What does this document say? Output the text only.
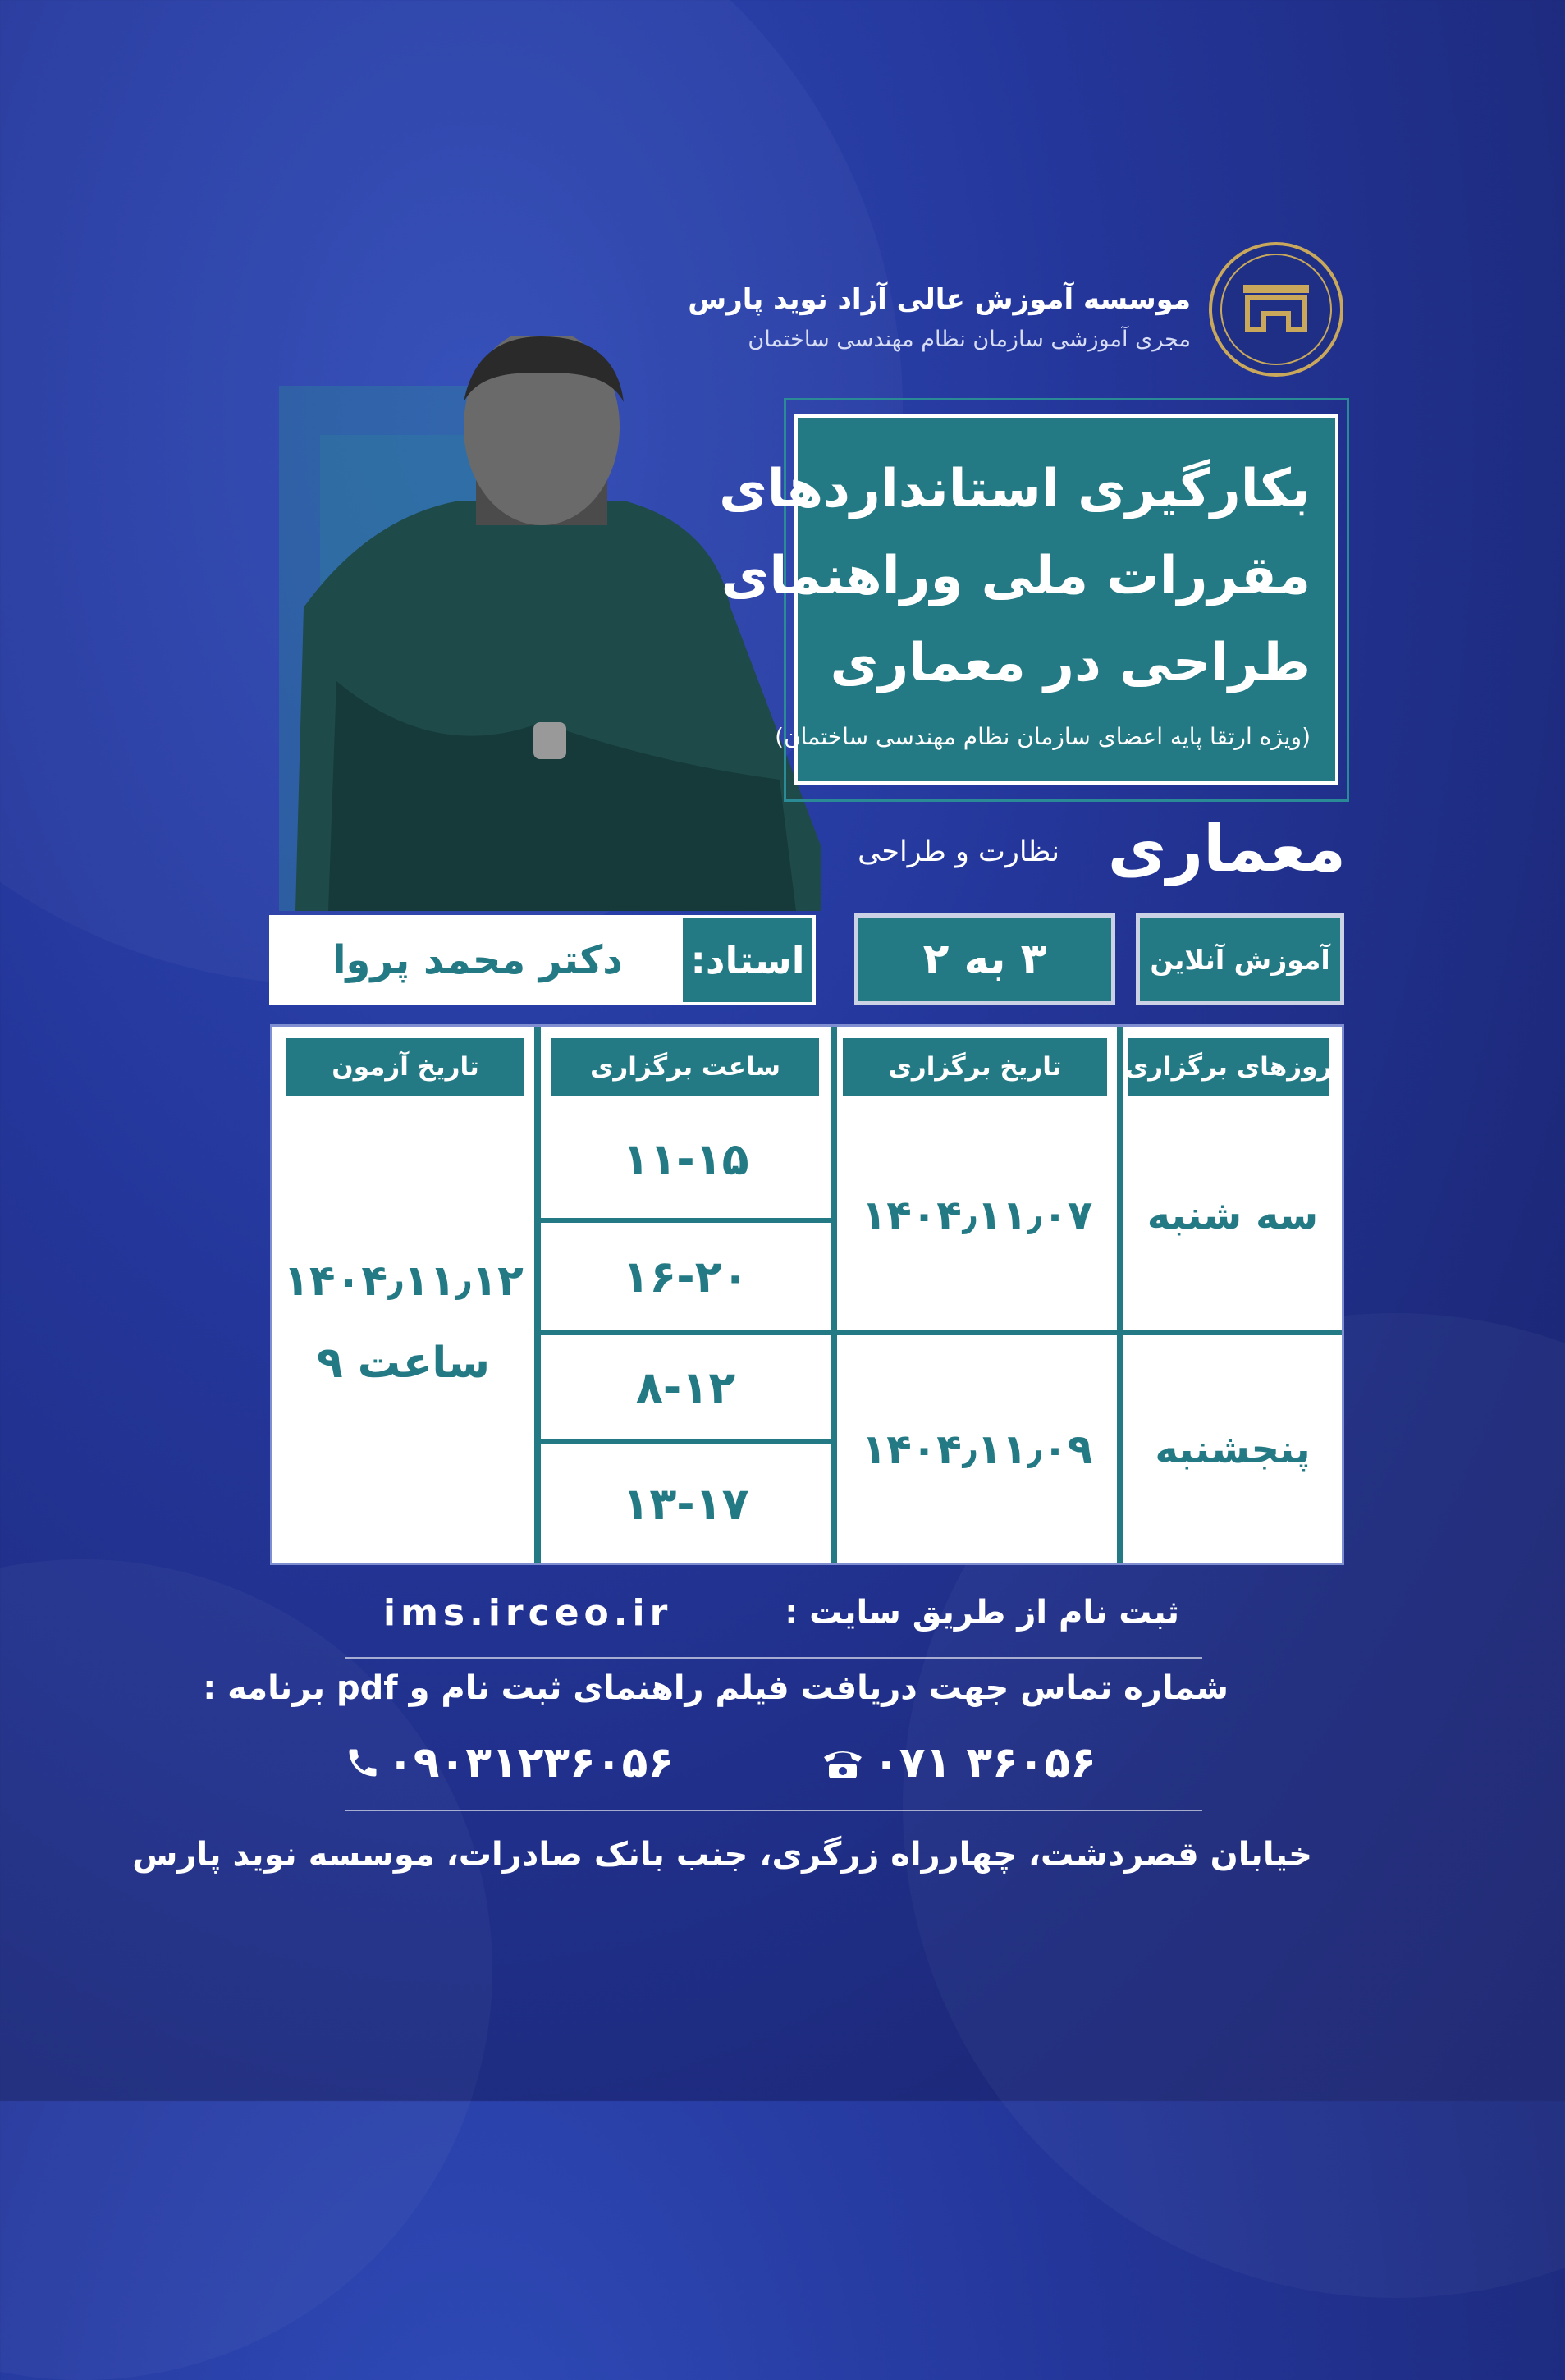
موسسه آموزش عالی آزاد نوید پارس
مجری آموزشی سازمان نظام مهندسی ساختمان
بکارگیری استانداردهای
مقررات ملی وراهنمای
طراحی در معماری
(ویژه ارتقا پایه اعضای سازمان نظام مهندسی ساختمان)
معماری
نظارت و طراحی
آموزش آنلاین
۳ به ۲
دکتر محمد پروا	استاد:
روزهای برگزاری
تاریخ برگزاری
ساعت برگزاری
تاریخ آزمون
سه شنبه
۱۴۰۴٫۱۱٫۰۷
۱۱-۱۵
۱۶-۲۰
پنجشنبه
۱۴۰۴٫۱۱٫۰۹
۸-۱۲
۱۳-۱۷
۱۴۰۴٫۱۱٫۱۲
ساعت ۹
ثبت نام از طریق سایت :
ims.irceo.ir
شماره تماس جهت دریافت فیلم راهنمای ثبت نام و pdf برنامه :
۰۹۰۳۱۲۳۶۰۵۶	۰۷۱ ۳۶۰۵۶
خیابان قصردشت، چهارراه زرگری، جنب بانک صادرات، موسسه نوید پارس
